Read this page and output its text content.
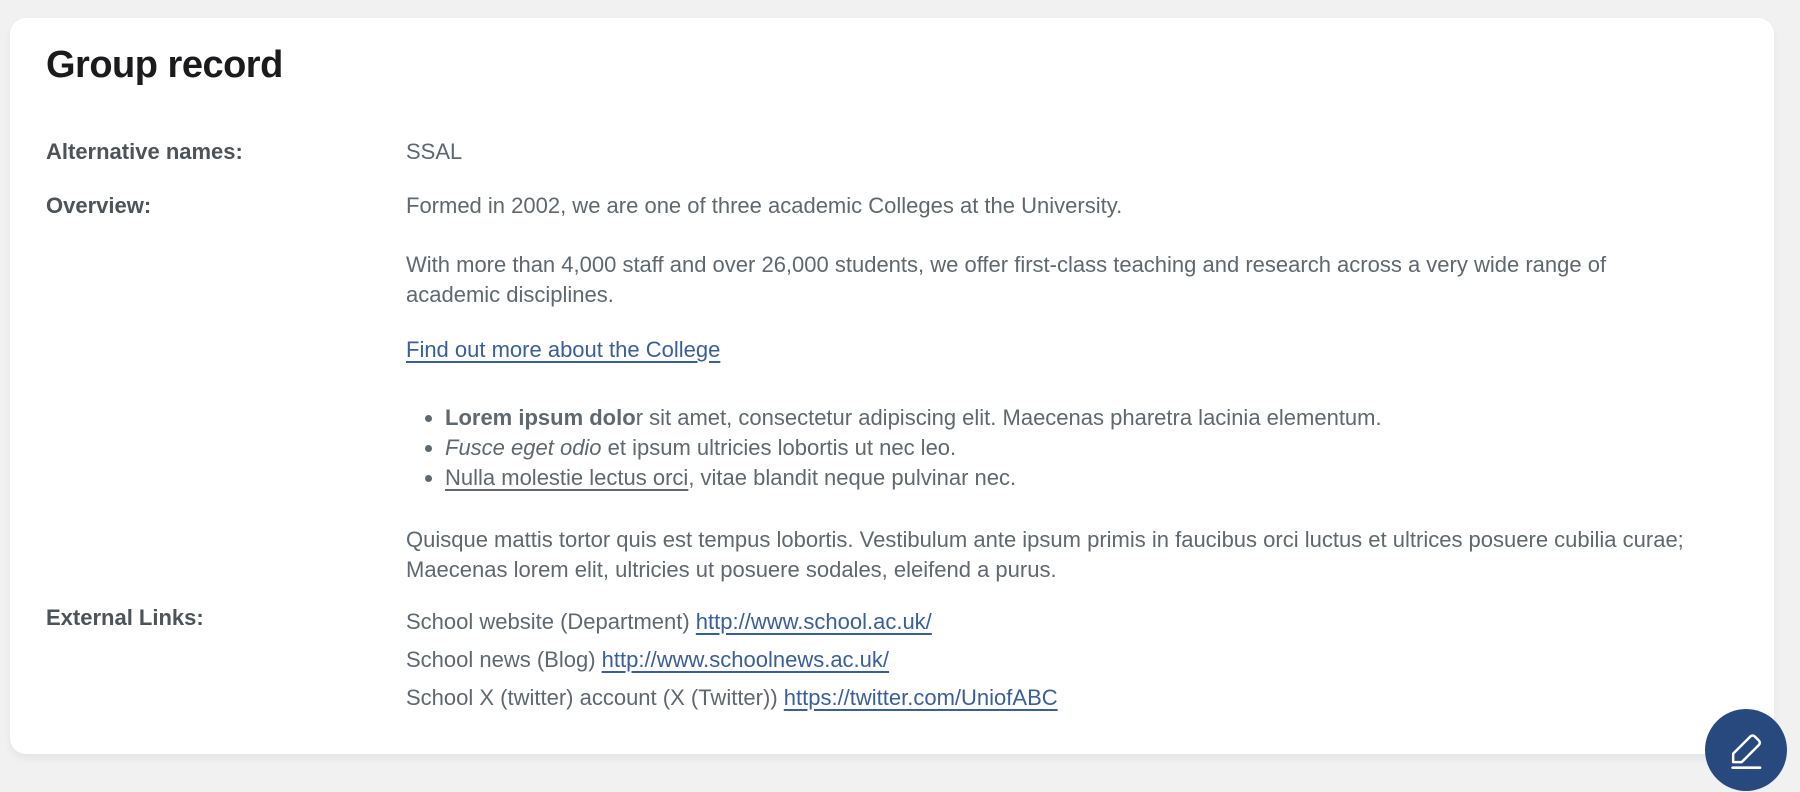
Group record
Alternative names:	SSAL
Overview:	Formed in 2002, we are one of three academic Colleges at the University.

With more than 4,000 staff and over 26,000 students, we offer first-class teaching and research across a very wide range of academic disciplines.

Find out more about the College

• Lorem ipsum dolor sit amet, consectetur adipiscing elit. Maecenas pharetra lacinia elementum.
• Fusce eget odio et ipsum ultricies lobortis ut nec leo.
• Nulla molestie lectus orci, vitae blandit neque pulvinar nec.

Quisque mattis tortor quis est tempus lobortis. Vestibulum ante ipsum primis in faucibus orci luctus et ultrices posuere cubilia curae; Maecenas lorem elit, ultricies ut posuere sodales, eleifend a purus.

External Links:	School website (Department) http://www.school.ac.uk/
School news (Blog) http://www.schoolnews.ac.uk/
School X (twitter) account (X (Twitter)) https://twitter.com/UniofABC
